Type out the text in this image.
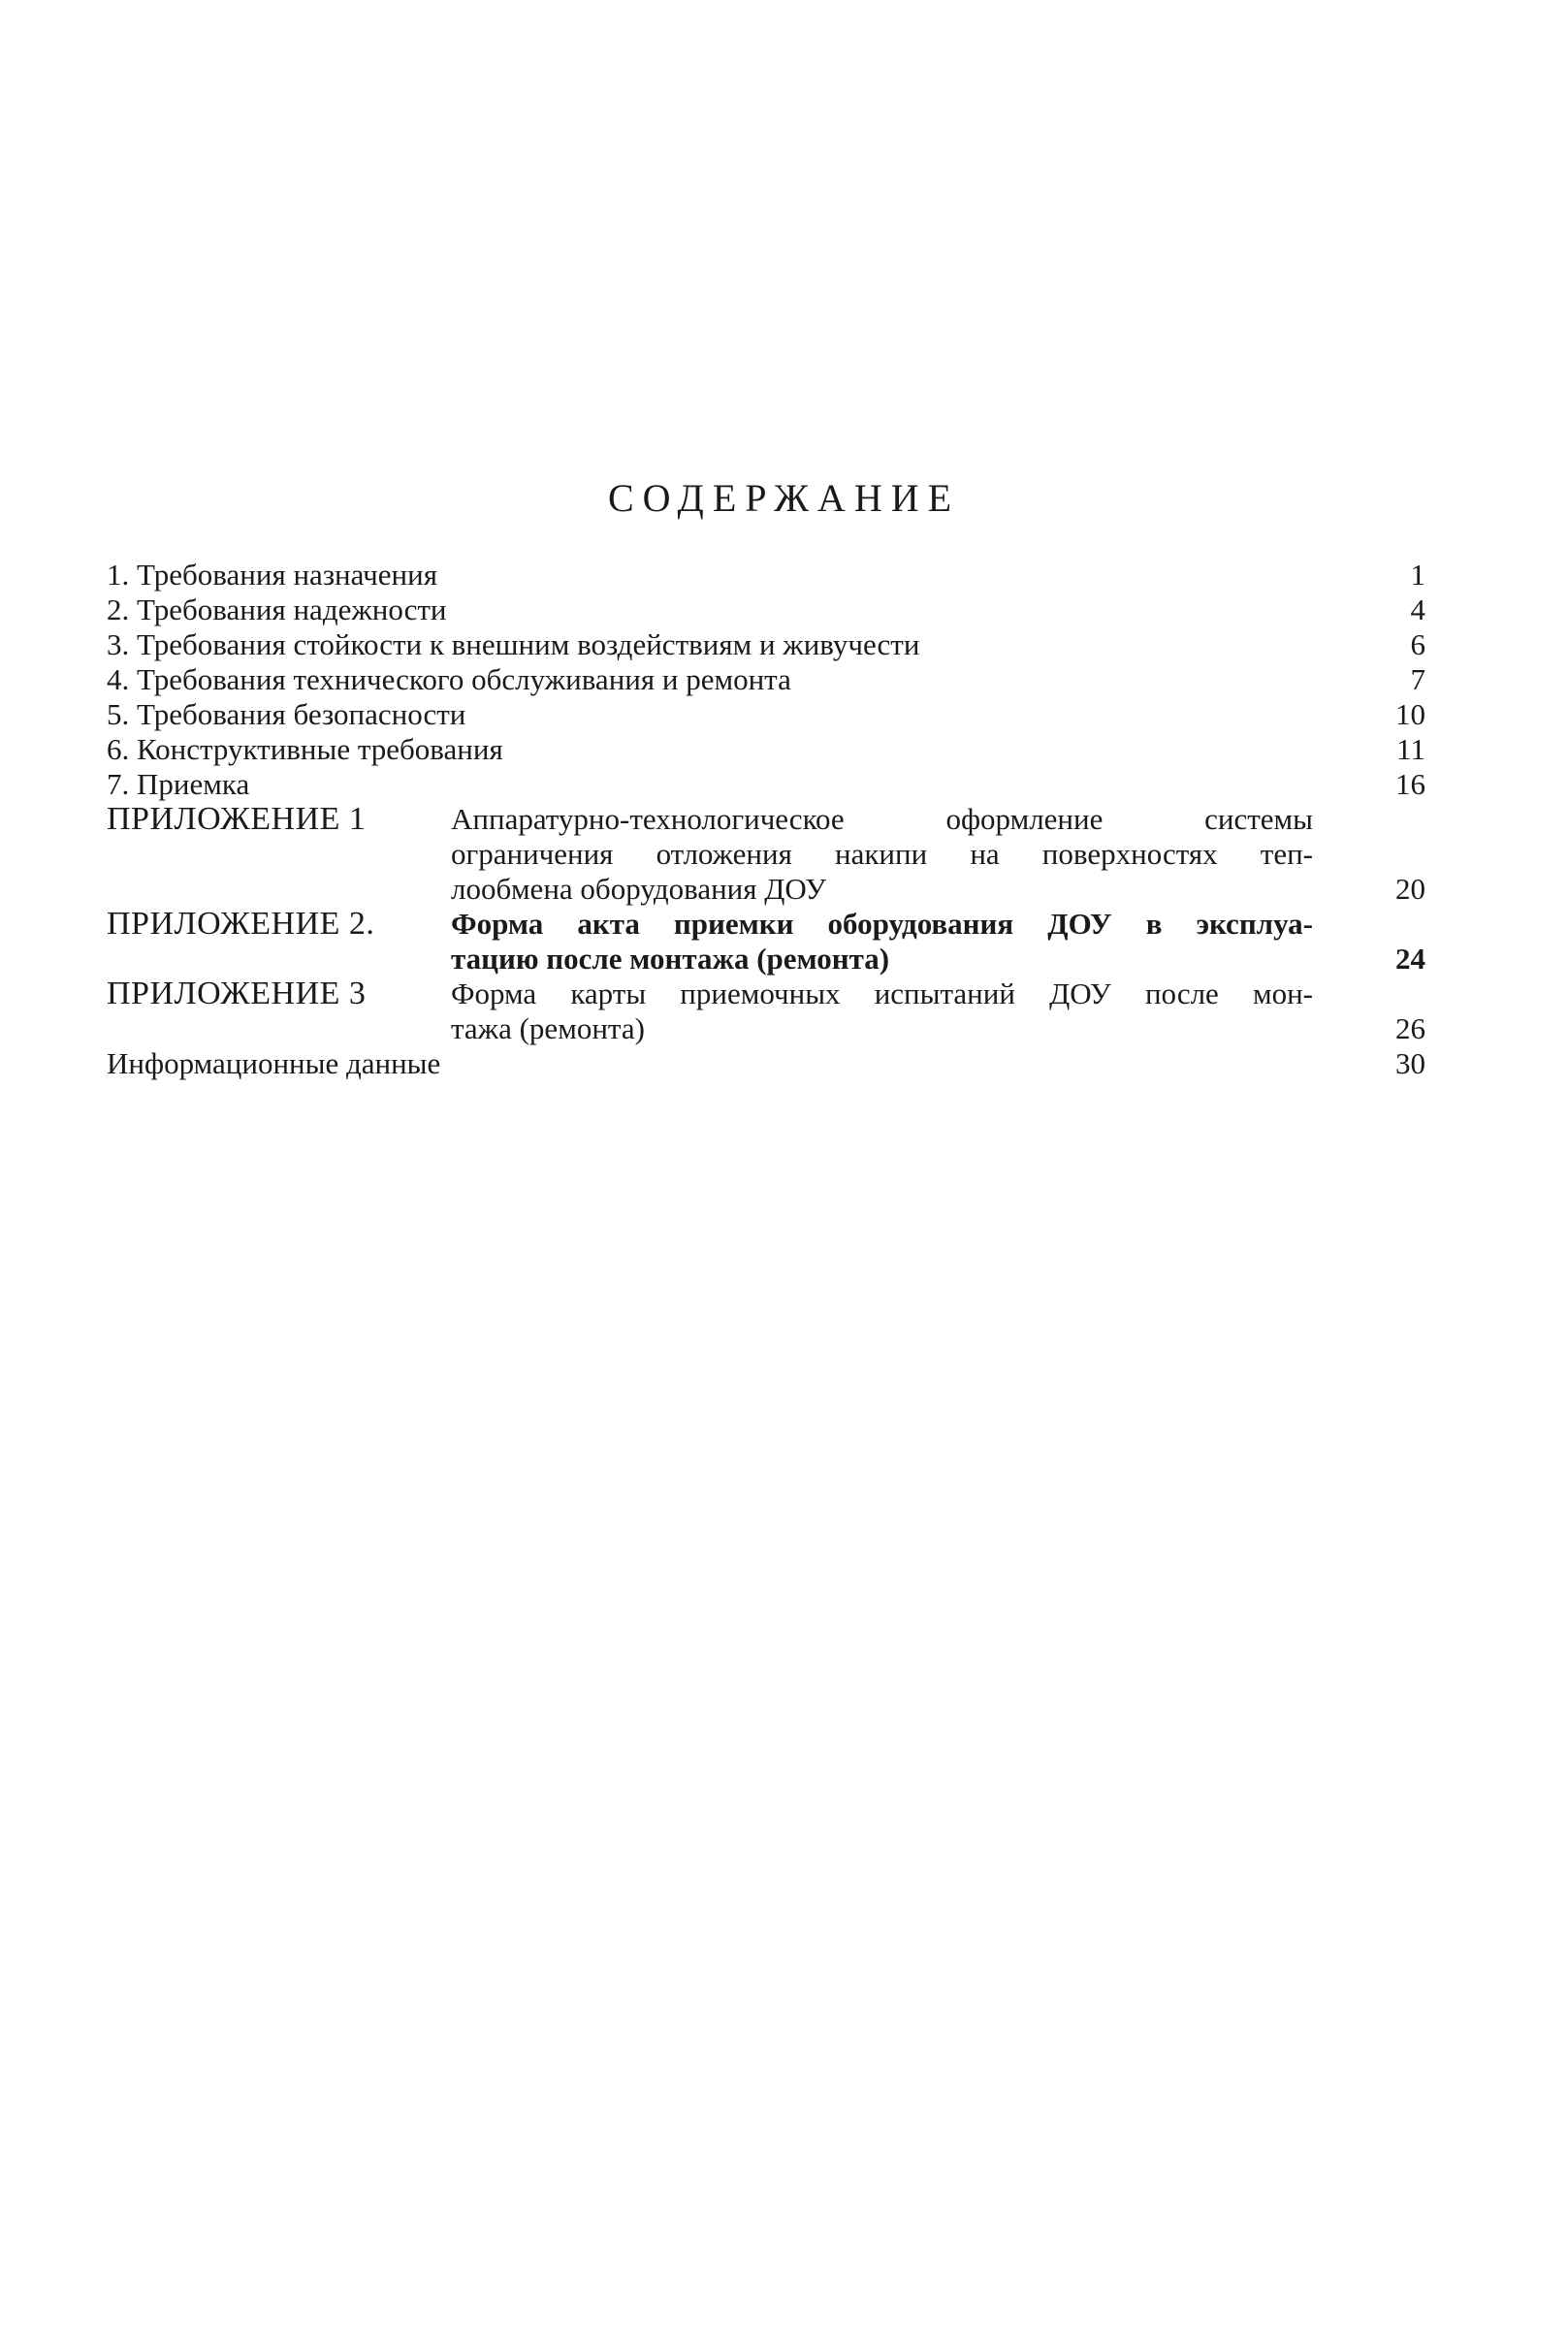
СОДЕРЖАНИЕ
1. Требования назначения	1
2. Требования надежности	4
3. Требования стойкости к внешним воздействиям и живучести	6
4. Требования технического обслуживания и ремонта	7
5. Требования безопасности	10
6. Конструктивные требования	11
7. Приемка	16
ПРИЛОЖЕНИЕ 1	Аппаратурно-технологическое оформление системы
ограничения отложения накипи на поверхностях теп-
лообмена оборудования ДОУ	20
ПРИЛОЖЕНИЕ 2.	Форма акта приемки оборудования ДОУ в эксплуа-
тацию после монтажа (ремонта)	24
ПРИЛОЖЕНИЕ 3	Форма карты приемочных испытаний ДОУ после мон-
тажа (ремонта)	26
Информационные данные	30
